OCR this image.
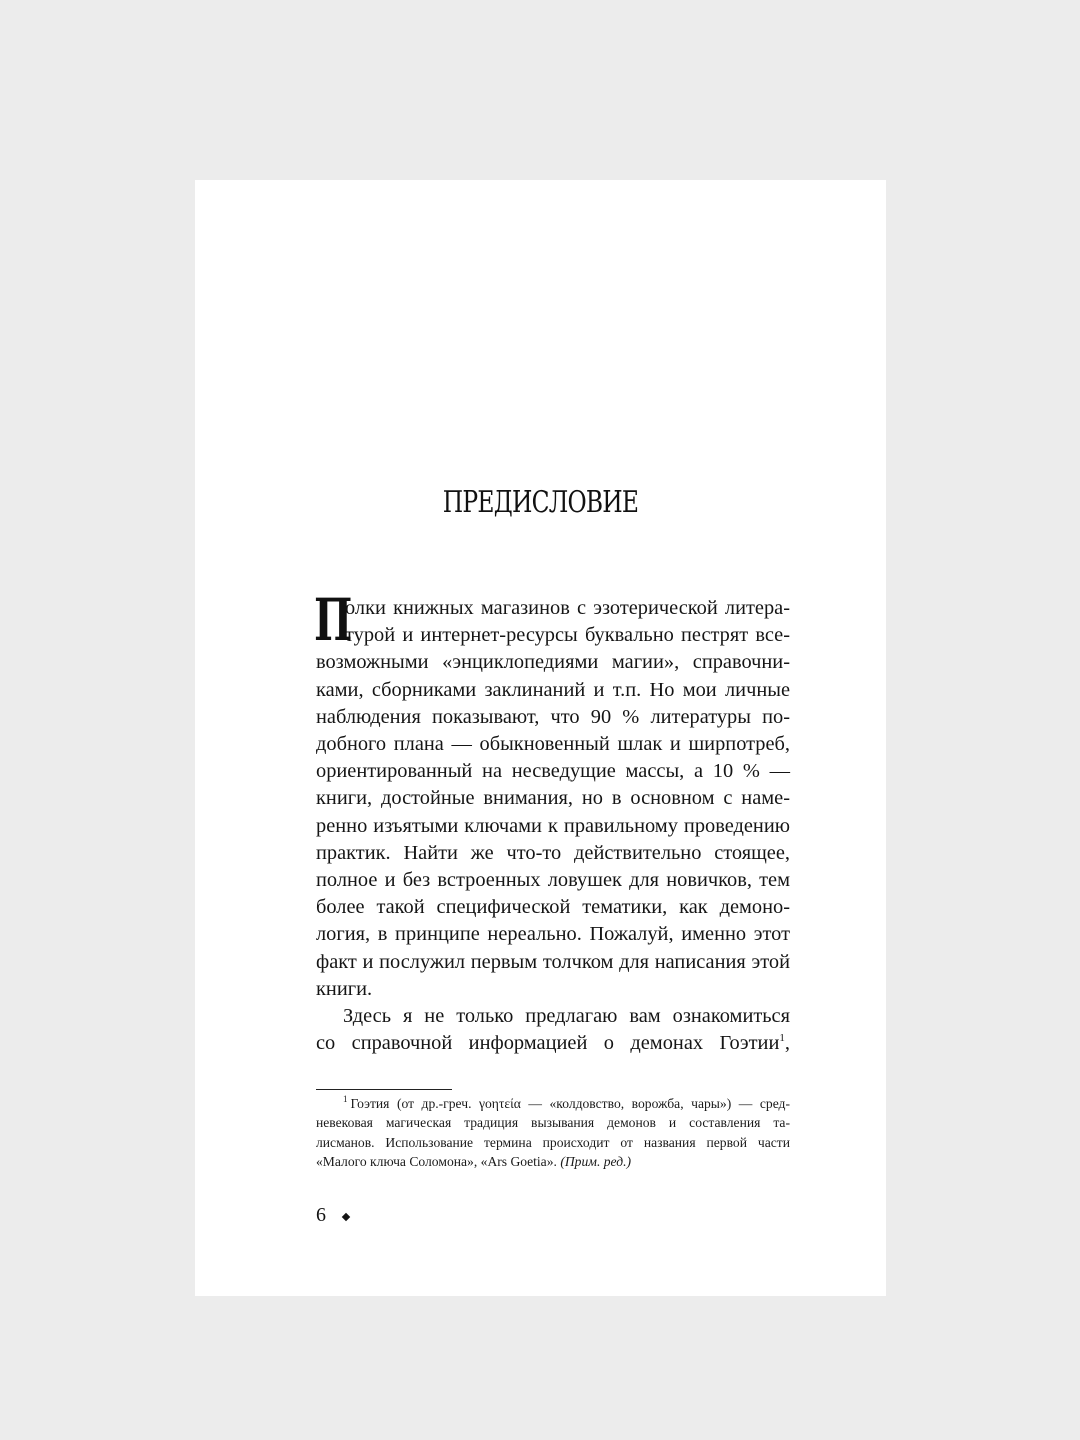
ПРЕДИСЛОВИЕ
П
олки книжных магазинов с эзотерической литера-
турой и интернет-ресурсы буквально пестрят все-
возможными «энциклопедиями магии», справочни-
ками, сборниками заклинаний и т.п. Но мои личные
наблюдения показывают, что 90 % литературы по-
добного плана — обыкновенный шлак и ширпотреб,
ориентированный на несведущие массы, а 10 % —
книги, достойные внимания, но в основном с наме-
ренно изъятыми ключами к правильному проведению
практик. Найти же что-то действительно стоящее,
полное и без встроенных ловушек для новичков, тем
более такой специфической тематики, как демоно-
логия, в принципе нереально. Пожалуй, именно этот
факт и послужил первым толчком для написания этой
книги.
Здесь я не только предлагаю вам ознакомиться
со справочной информацией о демонах Гоэтии$^1$,
$^1$ Гоэтия (от др.-греч. γοητεία — «колдовство, ворожба, чары») — сред-
невековая магическая традиция вызывания демонов и составления та-
лисманов. Использование термина происходит от названия первой части
«Малого ключа Соломона», «Ars Goetia». (Прим. ред.)
6
